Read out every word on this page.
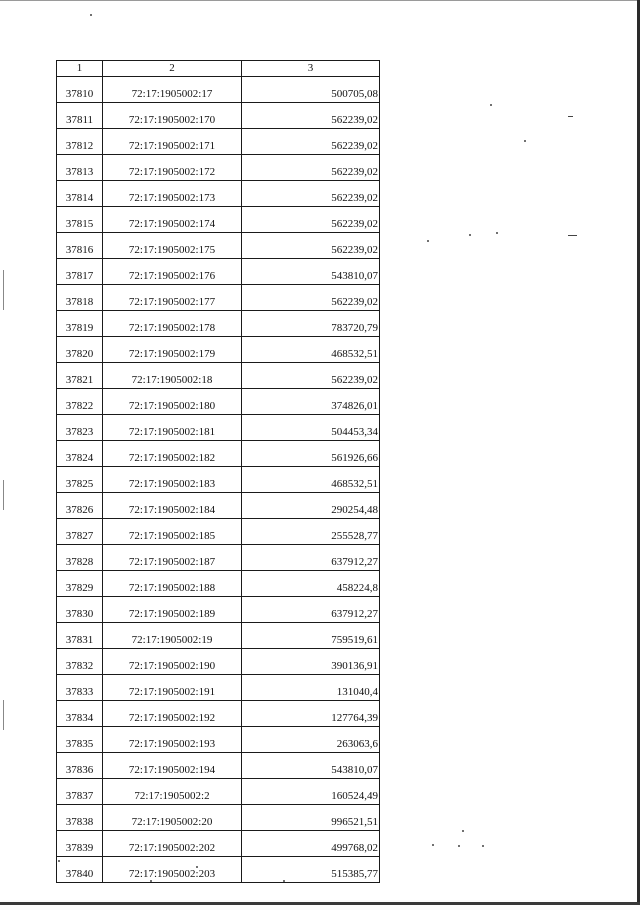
1	2	3
37810	72:17:1905002:17	500705,08
37811	72:17:1905002:170	562239,02
37812	72:17:1905002:171	562239,02
37813	72:17:1905002:172	562239,02
37814	72:17:1905002:173	562239,02
37815	72:17:1905002:174	562239,02
37816	72:17:1905002:175	562239,02
37817	72:17:1905002:176	543810,07
37818	72:17:1905002:177	562239,02
37819	72:17:1905002:178	783720,79
37820	72:17:1905002:179	468532,51
37821	72:17:1905002:18	562239,02
37822	72:17:1905002:180	374826,01
37823	72:17:1905002:181	504453,34
37824	72:17:1905002:182	561926,66
37825	72:17:1905002:183	468532,51
37826	72:17:1905002:184	290254,48
37827	72:17:1905002:185	255528,77
37828	72:17:1905002:187	637912,27
37829	72:17:1905002:188	458224,8
37830	72:17:1905002:189	637912,27
37831	72:17:1905002:19	759519,61
37832	72:17:1905002:190	390136,91
37833	72:17:1905002:191	131040,4
37834	72:17:1905002:192	127764,39
37835	72:17:1905002:193	263063,6
37836	72:17:1905002:194	543810,07
37837	72:17:1905002:2	160524,49
37838	72:17:1905002:20	996521,51
37839	72:17:1905002:202	499768,02
37840	72:17:1905002:203	515385,77
